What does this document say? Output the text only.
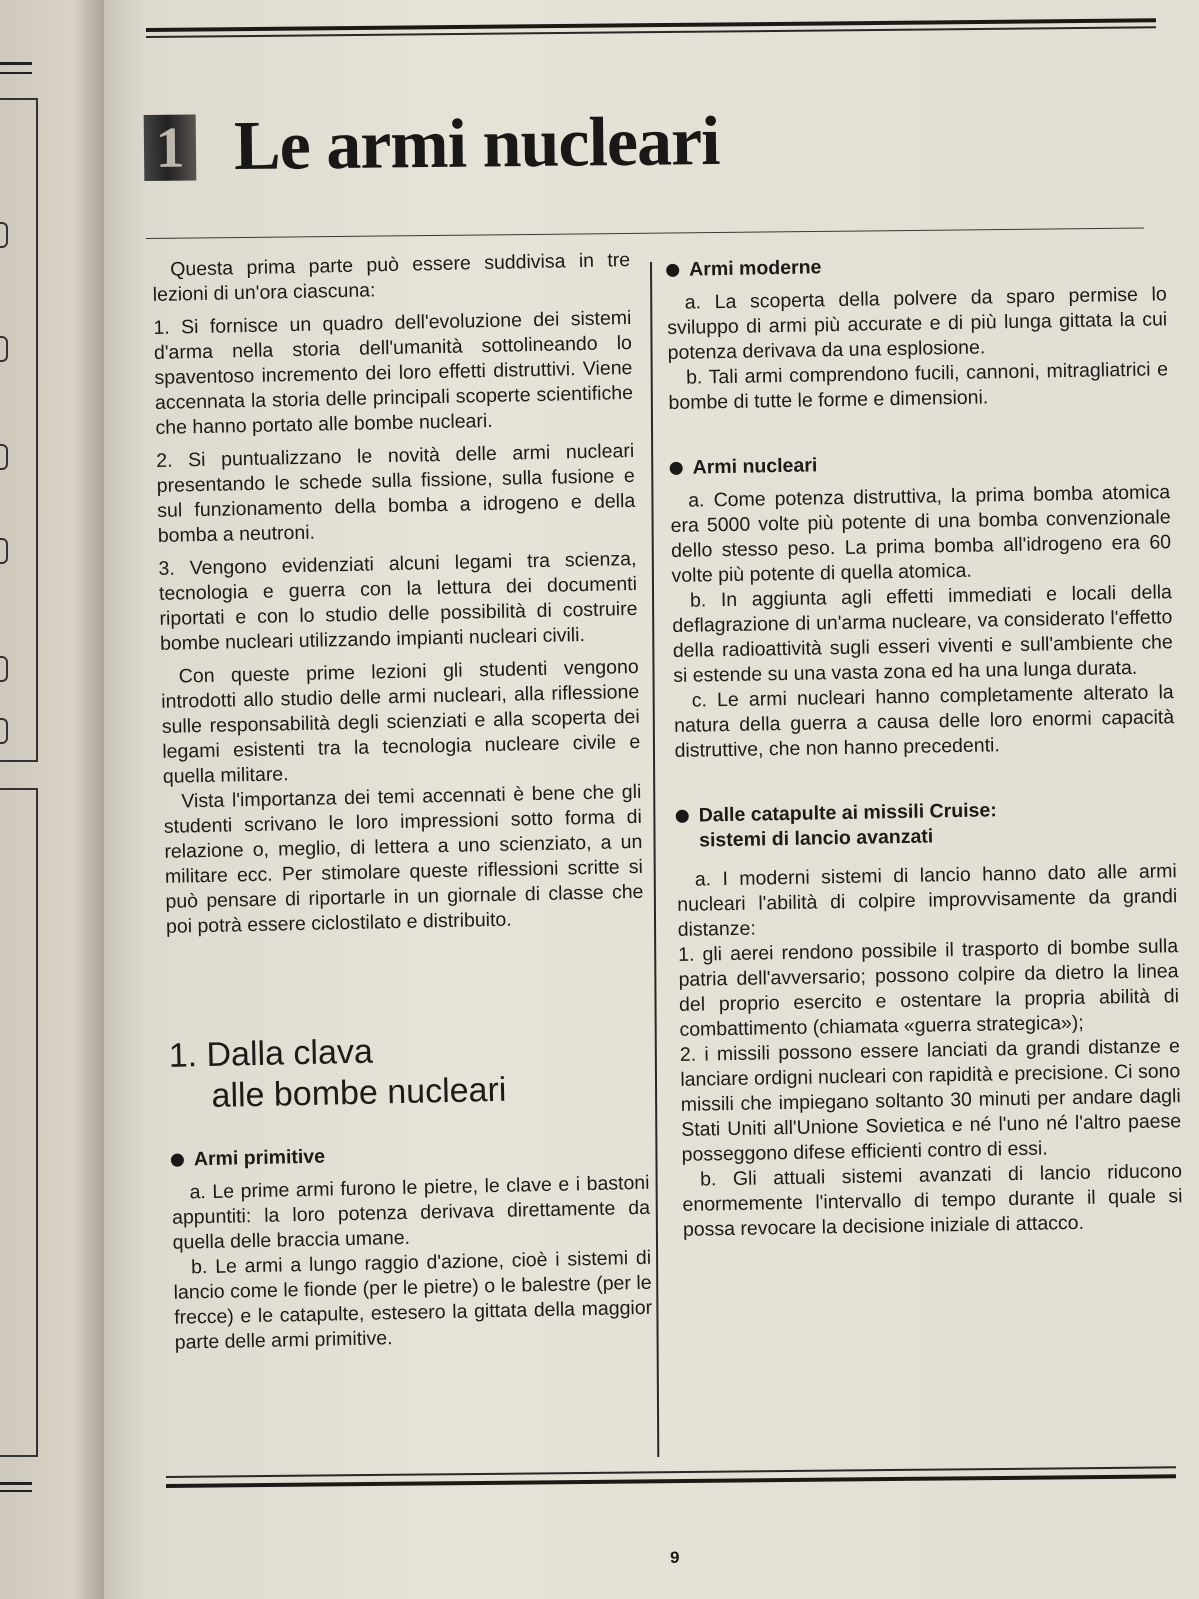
1 Le armi nucleari

Questa prima parte può essere suddivisa in tre lezioni di un'ora ciascuna:

1. Si fornisce un quadro dell'evoluzione dei sistemi d'arma nella storia dell'umanità sottolineando lo spaventoso incremento dei loro effetti distruttivi. Viene accennata la storia delle principali scoperte scientifiche che hanno portato alle bombe nucleari.

2. Si puntualizzano le novità delle armi nucleari presentando le schede sulla fissione, sulla fusione e sul funzionamento della bomba a idrogeno e della bomba a neutroni.

3. Vengono evidenziati alcuni legami tra scienza, tecnologia e guerra con la lettura dei documenti riportati e con lo studio delle possibilità di costruire bombe nucleari utilizzando impianti nucleari civili.

Con queste prime lezioni gli studenti vengono introdotti allo studio delle armi nucleari, alla riflessione sulle responsabilità degli scienziati e alla scoperta dei legami esistenti tra la tecnologia nucleare civile e quella militare.

Vista l'importanza dei temi accennati è bene che gli studenti scrivano le loro impressioni sotto forma di relazione o, meglio, di lettera a uno scienziato, a un militare ecc. Per stimolare queste riflessioni scritte si può pensare di riportarle in un giornale di classe che poi potrà essere ciclostilato e distribuito.

1. Dalla clava
alle bombe nucleari
Armi primitive

a. Le prime armi furono le pietre, le clave e i bastoni appuntiti: la loro potenza derivava direttamente da quella delle braccia umane.

b. Le armi a lungo raggio d'azione, cioè i sistemi di lancio come le fionde (per le pietre) o le balestre (per le frecce) e le catapulte, estesero la gittata della maggior parte delle armi primitive.

Armi moderne

a. La scoperta della polvere da sparo permise lo sviluppo di armi più accurate e di più lunga gittata la cui potenza derivava da una esplosione.

b. Tali armi comprendono fucili, cannoni, mitragliatrici e bombe di tutte le forme e dimensioni.

Armi nucleari

a. Come potenza distruttiva, la prima bomba atomica era 5000 volte più potente di una bomba convenzionale dello stesso peso. La prima bomba all'idrogeno era 60 volte più potente di quella atomica.

b. In aggiunta agli effetti immediati e locali della deflagrazione di un'arma nucleare, va considerato l'effetto della radioattività sugli esseri viventi e sull'ambiente che si estende su una vasta zona ed ha una lunga durata.

c. Le armi nucleari hanno completamente alterato la natura della guerra a causa delle loro enormi capacità distruttive, che non hanno precedenti.

Dalle catapulte ai missili Cruise:
sistemi di lancio avanzati

a. I moderni sistemi di lancio hanno dato alle armi nucleari l'abilità di colpire improvvisamente da grandi distanze:

1. gli aerei rendono possibile il trasporto di bombe sulla patria dell'avversario; possono colpire da dietro la linea del proprio esercito e ostentare la propria abilità di combattimento (chiamata «guerra strategica»);

2. i missili possono essere lanciati da grandi distanze e lanciare ordigni nucleari con rapidità e precisione. Ci sono missili che impiegano soltanto 30 minuti per andare dagli Stati Uniti all'Unione Sovietica e né l'uno né l'altro paese posseggono difese efficienti contro di essi.

b. Gli attuali sistemi avanzati di lancio riducono enormemente l'intervallo di tempo durante il quale si possa revocare la decisione iniziale di attacco.

9
